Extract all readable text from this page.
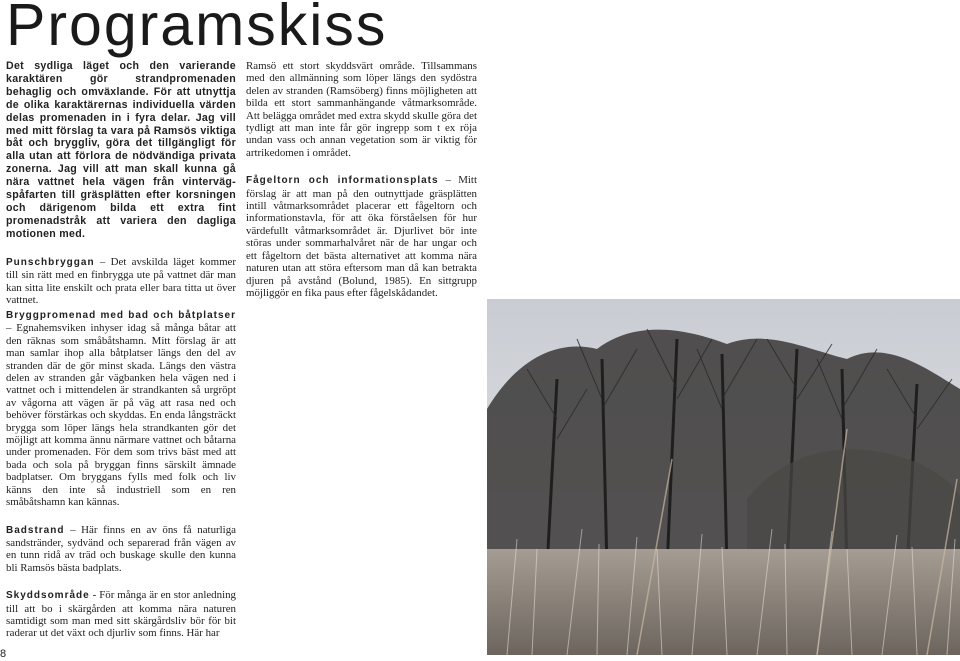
Programskiss

Det sydliga läget och den varierande karaktären gör strandpromenaden behaglig och omväxlande. För att utnyttja de olika karaktärernas individuella värden delas promenaden in i fyra delar. Jag vill med mitt förslag ta vara på Ramsös viktiga båt och bryggliv, göra det tillgängligt för alla utan att förlora de nödvändiga privata zonerna. Jag vill att man skall kunna gå nära vattnet hela vägen från vinterväg-spåfarten till gräsplätten efter korsningen och därigenom bilda ett extra fint promenadstråk att variera den dagliga motionen med.

Punschbryggan – Det avskilda läget kommer till sin rätt med en finbrygga ute på vattnet där man kan sitta lite enskilt och prata eller bara titta ut över vattnet.

Bryggpromenad med bad och båtplatser – Egnahemsviken inhyser idag så många båtar att den räknas som småbåtshamn. Mitt förslag är att man samlar ihop alla båtplatser längs den del av stranden där de gör minst skada. Längs den västra delen av stranden går vägbanken hela vägen ned i vattnet och i mittendelen är strandkanten så urgröpt av vågorna att vägen är på väg att rasa ned och behöver förstärkas och skyddas. En enda långsträckt brygga som löper längs hela strandkanten gör det möjligt att komma ännu närmare vattnet och båtarna under promenaden. För dem som trivs bäst med att bada och sola på bryggan finns särskilt ämnade badplatser. Om bryggans fylls med folk och liv känns den inte så industriell som en ren småbåtshamn kan kännas.

Badstrand – Här finns en av öns få naturliga sandstränder, sydvänd och separerad från vägen av en tunn ridå av träd och buskage skulle den kunna bli Ramsös bästa badplats.

Skyddsområde - För många är en stor anledning till att bo i skärgården att komma nära naturen samtidigt som man med sitt skärgårdsliv bör för bit raderar ut det växt och djurliv som finns. Här har

Ramsö ett stort skyddsvärt område. Tillsammans med den allmänning som löper längs den sydöstra delen av stranden (Ramsöberg) finns möjligheten att bilda ett stort sammanhängande våtmarksområde. Att belägga området med extra skydd skulle göra det tydligt att man inte får gör ingrepp som t ex röja undan vass och annan vegetation som är viktig för artrikedomen i området.

Fågeltorn och informationsplats – Mitt förslag är att man på den outnyttjade gräsplätten intill våtmarksområdet placerar ett fågeltorn och informationstavla, för att öka förståelsen för hur värdefullt våtmarksområdet är. Djurlivet bör inte störas under sommarhalvåret när de har ungar och ett fågeltorn det bästa alternativet att komma nära naturen utan att störa eftersom man då kan betrakta djuren på avstånd (Bolund, 1985). En sittgrupp möjliggör en fika paus efter fågelskådandet.

8
